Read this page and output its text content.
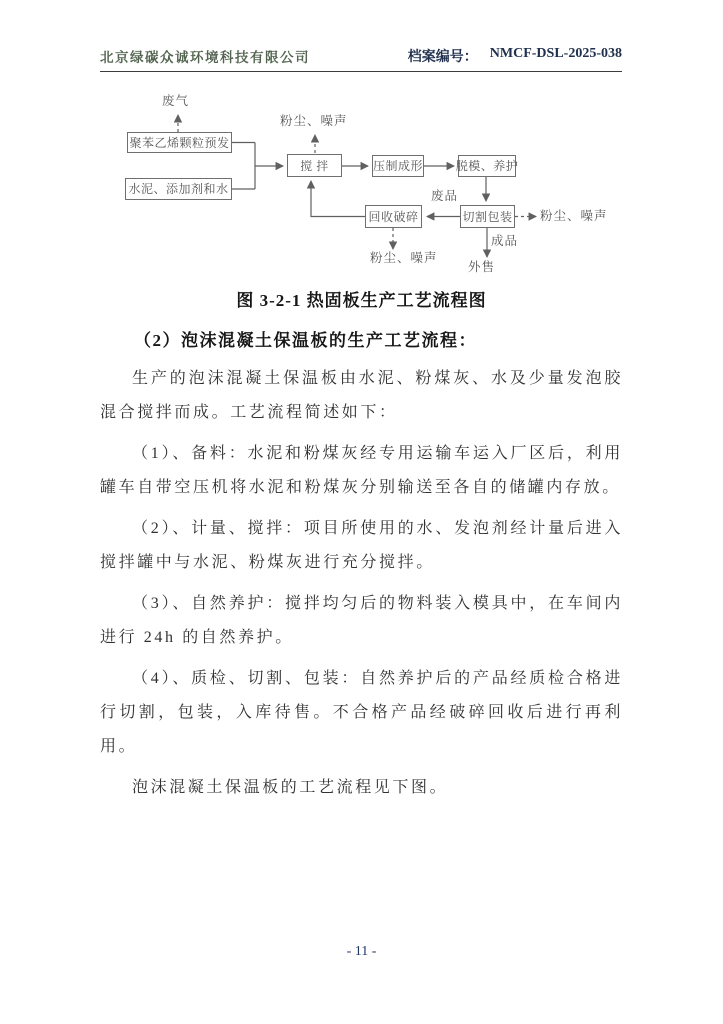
北京绿碳众诚环境科技有限公司	档案编号： NMCF-DSL-2025-038
聚苯乙烯颗粒预发
水泥、添加剂和水
搅 拌	压制成形	脱模、养护
回收破碎	切割包装
废气
粉尘、噪声
废品
粉尘、噪声
粉尘、噪声
成品
外售

图 3-2-1 热固板生产工艺流程图

（2）泡沫混凝土保温板的生产工艺流程：

生产的泡沫混凝土保温板由水泥、粉煤灰、水及少量发泡胶混合搅拌而成。工艺流程简述如下：

（1）、备料：水泥和粉煤灰经专用运输车运入厂区后，利用罐车自带空压机将水泥和粉煤灰分别输送至各自的储罐内存放。

（2）、计量、搅拌：项目所使用的水、发泡剂经计量后进入搅拌罐中与水泥、粉煤灰进行充分搅拌。

（3）、自然养护：搅拌均匀后的物料装入模具中，在车间内进行 24h 的自然养护。

（4）、质检、切割、包装：自然养护后的产品经质检合格进行切割，包装，入库待售。不合格产品经破碎回收后进行再利用。

泡沫混凝土保温板的工艺流程见下图。

- 11 -
